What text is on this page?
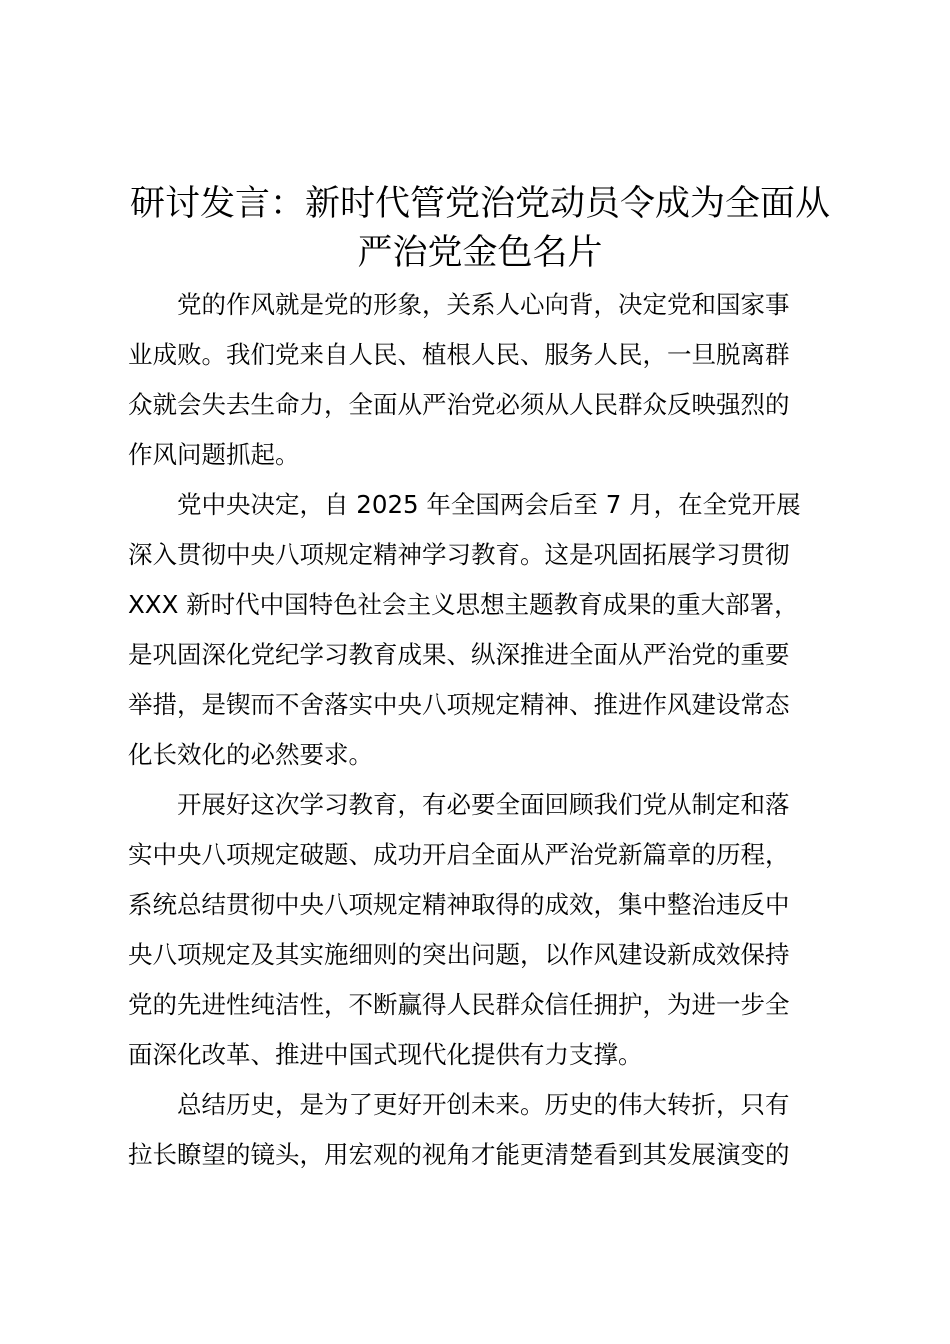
研讨发言：新时代管党治党动员令成为全面从
严治党金色名片
党的作风就是党的形象，关系人心向背，决定党和国家事
业成败。我们党来自人民、植根人民、服务人民，一旦脱离群
众就会失去生命力，全面从严治党必须从人民群众反映强烈的
作风问题抓起。
党中央决定，自 2025 年全国两会后至 7 月，在全党开展
深入贯彻中央八项规定精神学习教育。这是巩固拓展学习贯彻
XXX 新时代中国特色社会主义思想主题教育成果的重大部署，
是巩固深化党纪学习教育成果、纵深推进全面从严治党的重要
举措，是锲而不舍落实中央八项规定精神、推进作风建设常态
化长效化的必然要求。
开展好这次学习教育，有必要全面回顾我们党从制定和落
实中央八项规定破题、成功开启全面从严治党新篇章的历程，
系统总结贯彻中央八项规定精神取得的成效，集中整治违反中
央八项规定及其实施细则的突出问题，以作风建设新成效保持
党的先进性纯洁性，不断赢得人民群众信任拥护，为进一步全
面深化改革、推进中国式现代化提供有力支撑。
总结历史，是为了更好开创未来。历史的伟大转折，只有
拉长瞭望的镜头，用宏观的视角才能更清楚看到其发展演变的
